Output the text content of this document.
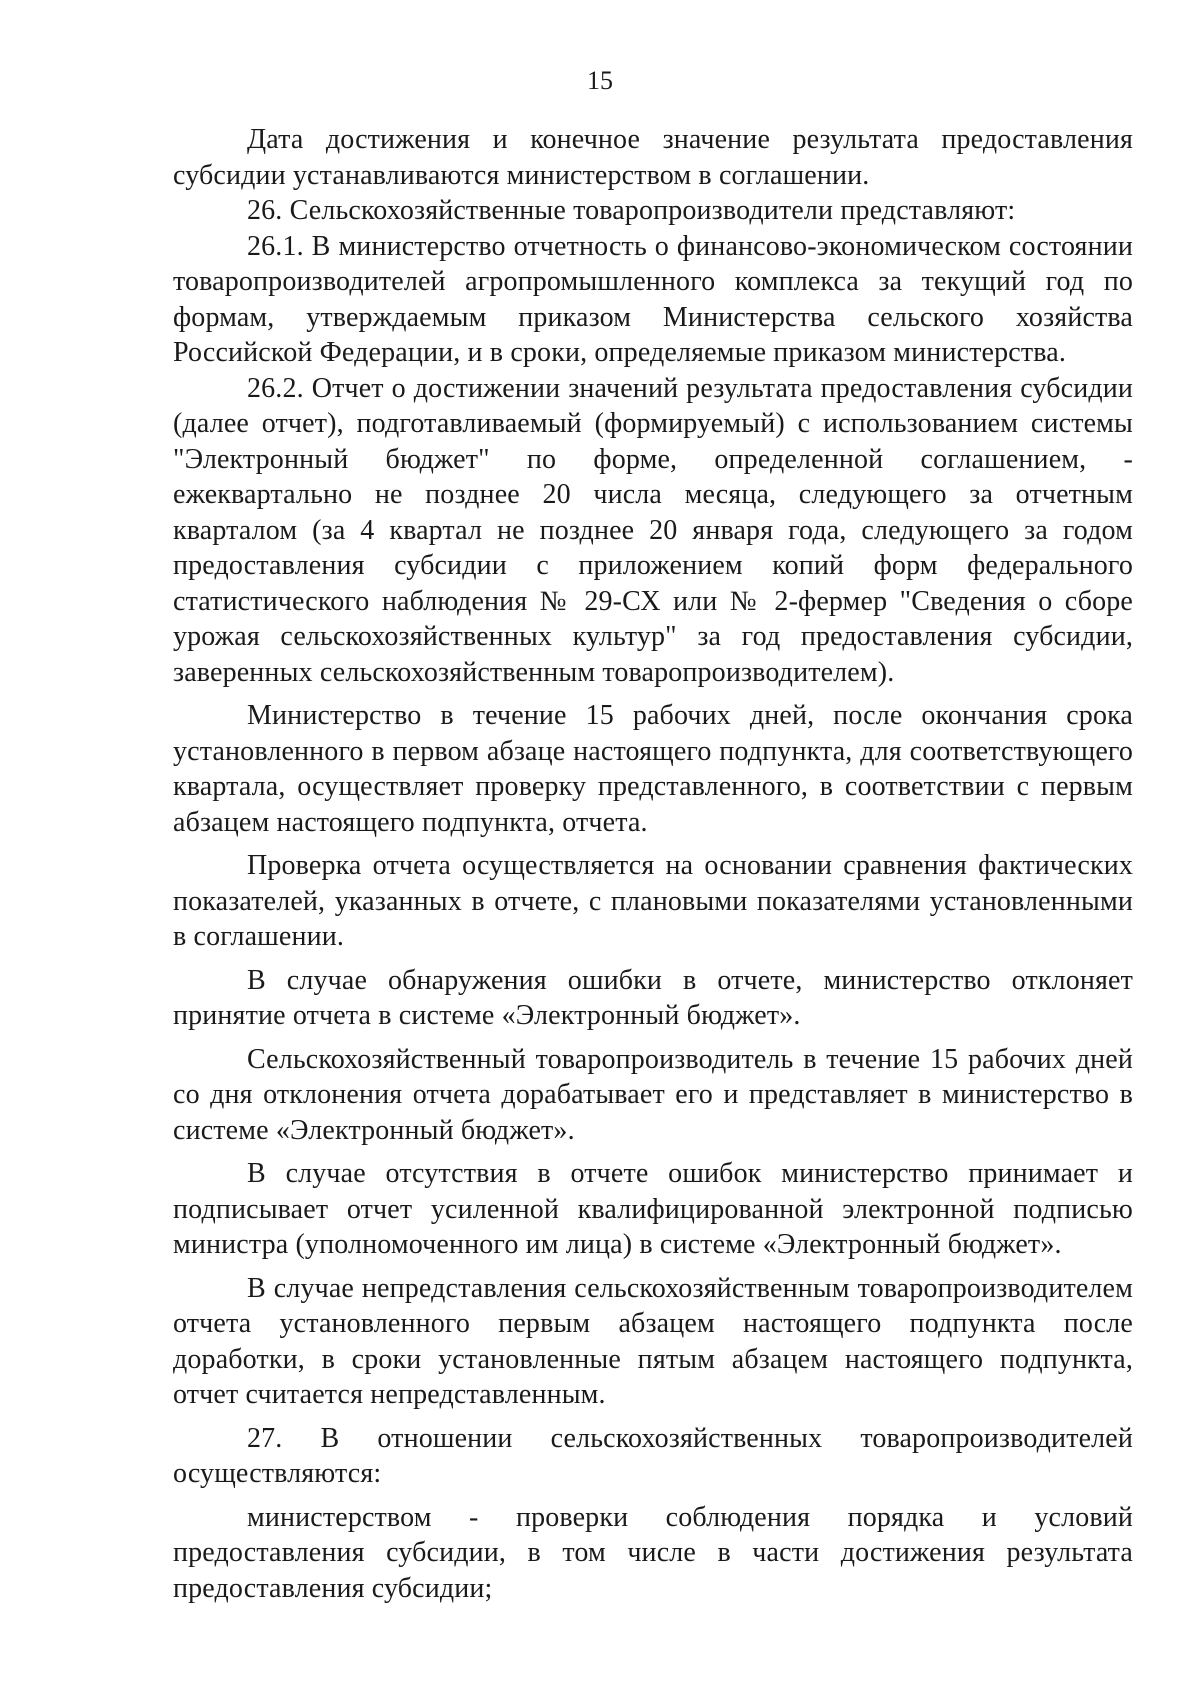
15

Дата достижения и конечное значение результата предоставления субсидии устанавливаются министерством в соглашении.

26. Сельскохозяйственные товаропроизводители представляют:

26.1. В министерство отчетность о финансово-экономическом состоянии товаропроизводителей агропромышленного комплекса за текущий год по формам, утверждаемым приказом Министерства сельского хозяйства Российской Федерации, и в сроки, определяемые приказом министерства.

26.2. Отчет о достижении значений результата предоставления субсидии (далее отчет), подготавливаемый (формируемый) с использованием системы "Электронный бюджет" по форме, определенной соглашением, - ежеквартально не позднее 20 числа месяца, следующего за отчетным кварталом (за 4 квартал не позднее 20 января года, следующего за годом предоставления субсидии с приложением копий форм федерального статистического наблюдения № 29-СХ или № 2-фермер "Сведения о сборе урожая сельскохозяйственных культур" за год предоставления субсидии, заверенных сельскохозяйственным товаропроизводителем).

Министерство в течение 15 рабочих дней, после окончания срока установленного в первом абзаце настоящего подпункта, для соответствующего квартала, осуществляет проверку представленного, в соответствии с первым абзацем настоящего подпункта, отчета.

Проверка отчета осуществляется на основании сравнения фактических показателей, указанных в отчете, с плановыми показателями установленными в соглашении.

В случае обнаружения ошибки в отчете, министерство отклоняет принятие отчета в системе «Электронный бюджет».

Сельскохозяйственный товаропроизводитель в течение 15 рабочих дней со дня отклонения отчета дорабатывает его и представляет в министерство в системе «Электронный бюджет».

В случае отсутствия в отчете ошибок министерство принимает и подписывает отчет усиленной квалифицированной электронной подписью министра (уполномоченного им лица) в системе «Электронный бюджет».

В случае непредставления сельскохозяйственным товаропроизводителем отчета установленного первым абзацем настоящего подпункта после доработки, в сроки установленные пятым абзацем настоящего подпункта, отчет считается непредставленным.

27. В отношении сельскохозяйственных товаропроизводителей осуществляются:

министерством - проверки соблюдения порядка и условий предоставления субсидии, в том числе в части достижения результата предоставления субсидии;
